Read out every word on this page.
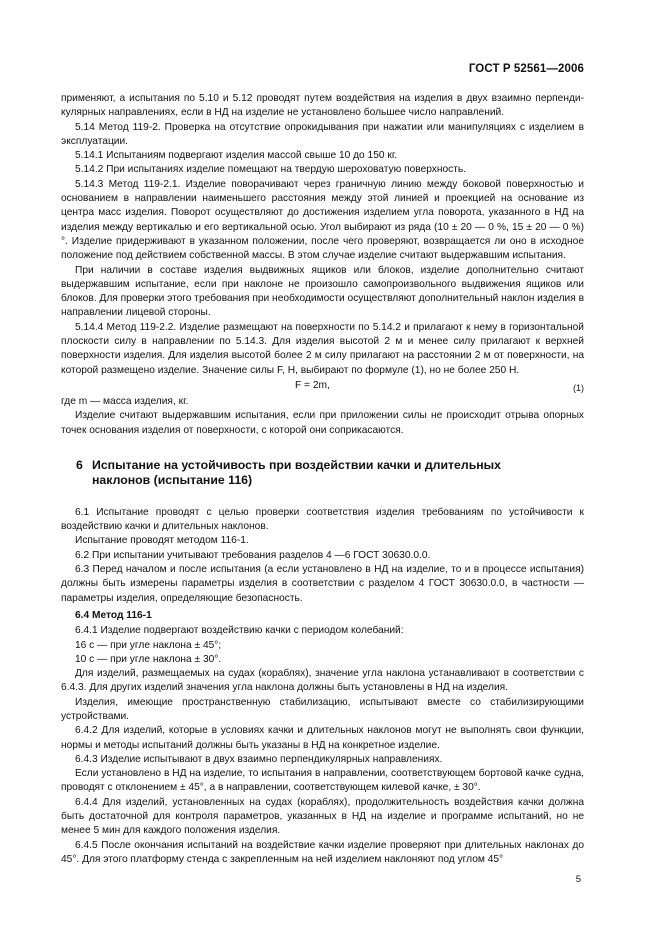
ГОСТ Р 52561—2006

применяют, а испытания по 5.10 и 5.12 проводят путем воздействия на изделия в двух взаимно перпендикулярных направлениях, если в НД на изделие не установлено большее число направлений.

5.14 Метод 119-2. Проверка на отсутствие опрокидывания при нажатии или манипуляциях с изделием в эксплуатации.

5.14.1 Испытаниям подвергают изделия массой свыше 10 до 150 кг.

5.14.2 При испытаниях изделие помещают на твердую шероховатую поверхность.

5.14.3 Метод 119-2.1. Изделие поворачивают через граничную линию между боковой поверхностью и основанием в направлении наименьшего расстояния между этой линией и проекцией на основание из центра масс изделия. Поворот осуществляют до достижения изделием угла поворота, указанного в НД на изделия между вертикалью и его вертикальной осью. Угол выбирают из ряда (10 ± 20 — 0 %, 15 ± 20 — 0 %)°. Изделие придерживают в указанном положении, после чего проверяют, возвращается ли оно в исходное положение под действием собственной массы. В этом случае изделие считают выдержавшим испытания.

При наличии в составе изделия выдвижных ящиков или блоков, изделие дополнительно считают выдержавшим испытание, если при наклоне не произошло самопроизвольного выдвижения ящиков или блоков. Для проверки этого требования при необходимости осуществляют дополнительный наклон изделия в направлении лицевой стороны.

5.14.4 Метод 119-2.2. Изделие размещают на поверхности по 5.14.2 и прилагают к нему в горизонтальной плоскости силу в направлении по 5.14.3. Для изделия высотой 2 м и менее силу прилагают к верхней поверхности изделия. Для изделия высотой более 2 м силу прилагают на расстоянии 2 м от поверхности, на которой размещено изделие. Значение силы F, Н, выбирают по формуле (1), но не более 250 Н.

F = 2m,	(1)

где m — масса изделия, кг.

Изделие считают выдержавшим испытания, если при приложении силы не происходит отрыва опорных точек основания изделия от поверхности, с которой они соприкасаются.

6 Испытание на устойчивость при воздействии качки и длительных
наклонов (испытание 116)

6.1 Испытание проводят с целью проверки соответствия изделия требованиям по устойчивости к воздействию качки и длительных наклонов.

Испытание проводят методом 116-1.

6.2 При испытании учитывают требования разделов 4 —6 ГОСТ 30630.0.0.

6.3 Перед началом и после испытания (а если установлено в НД на изделие, то и в процессе испытания) должны быть измерены параметры изделия в соответствии с разделом 4 ГОСТ 30630.0.0, в частности — параметры изделия, определяющие безопасность.

6.4 Метод 116-1

6.4.1 Изделие подвергают воздействию качки с периодом колебаний:

16 с — при угле наклона ± 45°;

10 с — при угле наклона ± 30°.

Для изделий, размещаемых на судах (кораблях), значение угла наклона устанавливают в соответствии с 6.4.3. Для других изделий значения угла наклона должны быть установлены в НД на изделия.

Изделия, имеющие пространственную стабилизацию, испытывают вместе со стабилизирующими устройствами.

6.4.2 Для изделий, которые в условиях качки и длительных наклонов могут не выполнять свои функции, нормы и методы испытаний должны быть указаны в НД на конкретное изделие.

6.4.3 Изделие испытывают в двух взаимно перпендикулярных направлениях.

Если установлено в НД на изделие, то испытания в направлении, соответствующем бортовой качке судна, проводят с отклонением ± 45°, а в направлении, соответствующем килевой качке, ± 30°.

6.4.4 Для изделий, установленных на судах (кораблях), продолжительность воздействия качки должна быть достаточной для контроля параметров, указанных в НД на изделие и программе испытаний, но не менее 5 мин для каждого положения изделия.

6.4.5 После окончания испытаний на воздействие качки изделие проверяют при длительных наклонах до 45°. Для этого платформу стенда с закрепленным на ней изделием наклоняют под углом 45°

5
